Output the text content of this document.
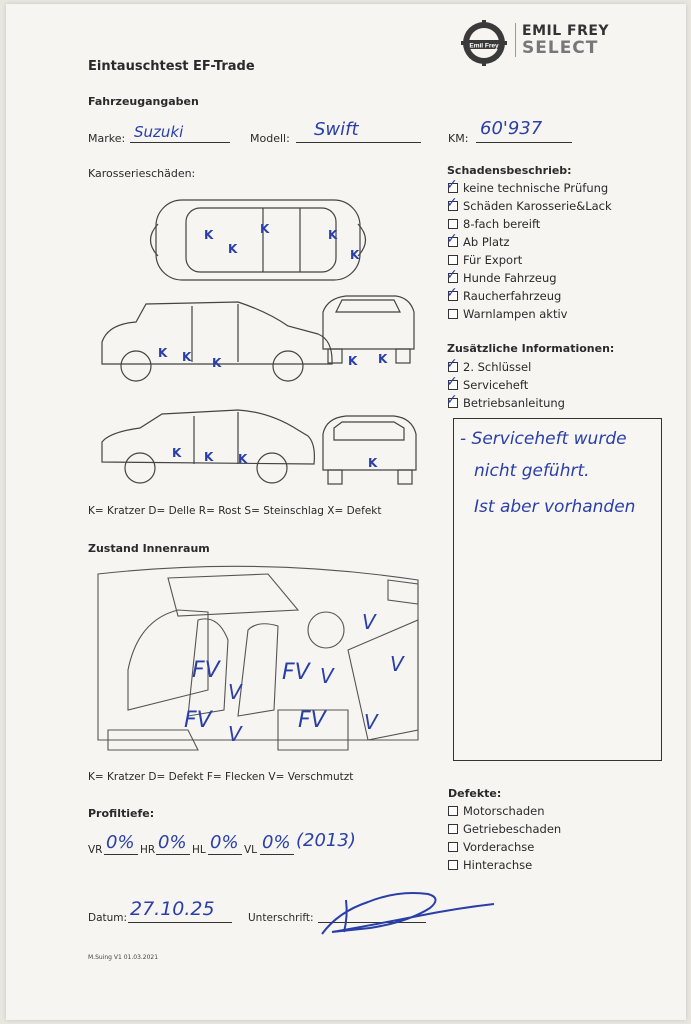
Eintauschtest EF-Trade
Emil Frey
EMIL FREY
SELECT
Fahrzeugangaben
Marke: Suzuki	Modell: Swift	KM: 60'937
Karosserieschäden:
K
K
K	K
K
K K K	K K
K K K	K
K= Kratzer D= Delle R= Rost S= Steinschlag X= Defekt
Schadensbeschrieb:
✓
keine technische Prüfung
✓
Schäden Karosserie&Lack
8-fach bereift
✓
Ab Platz
Für Export
✓
Hunde Fahrzeug
✓
Raucherfahrzeug
Warnlampen aktiv
Zusätzliche Informationen:
✓
2. Schlüssel
✓
Serviceheft
✓
Betriebsanleitung
- Serviceheft wurde
nicht geführt.
Ist aber vorhanden
Zustand Innenraum
FV	FV
FV	FV
V
V
V
V
V	V
K= Kratzer D= Defekt F= Flecken V= Verschmutzt
Profiltiefe:
VR 0% HR 0% HL 0% VL 0% (2013)
Defekte:
Motorschaden
Getriebeschaden
Vorderachse
Hinterachse
Datum: 27.10.25	Unterschrift:
M.Suing V1 01.03.2021
